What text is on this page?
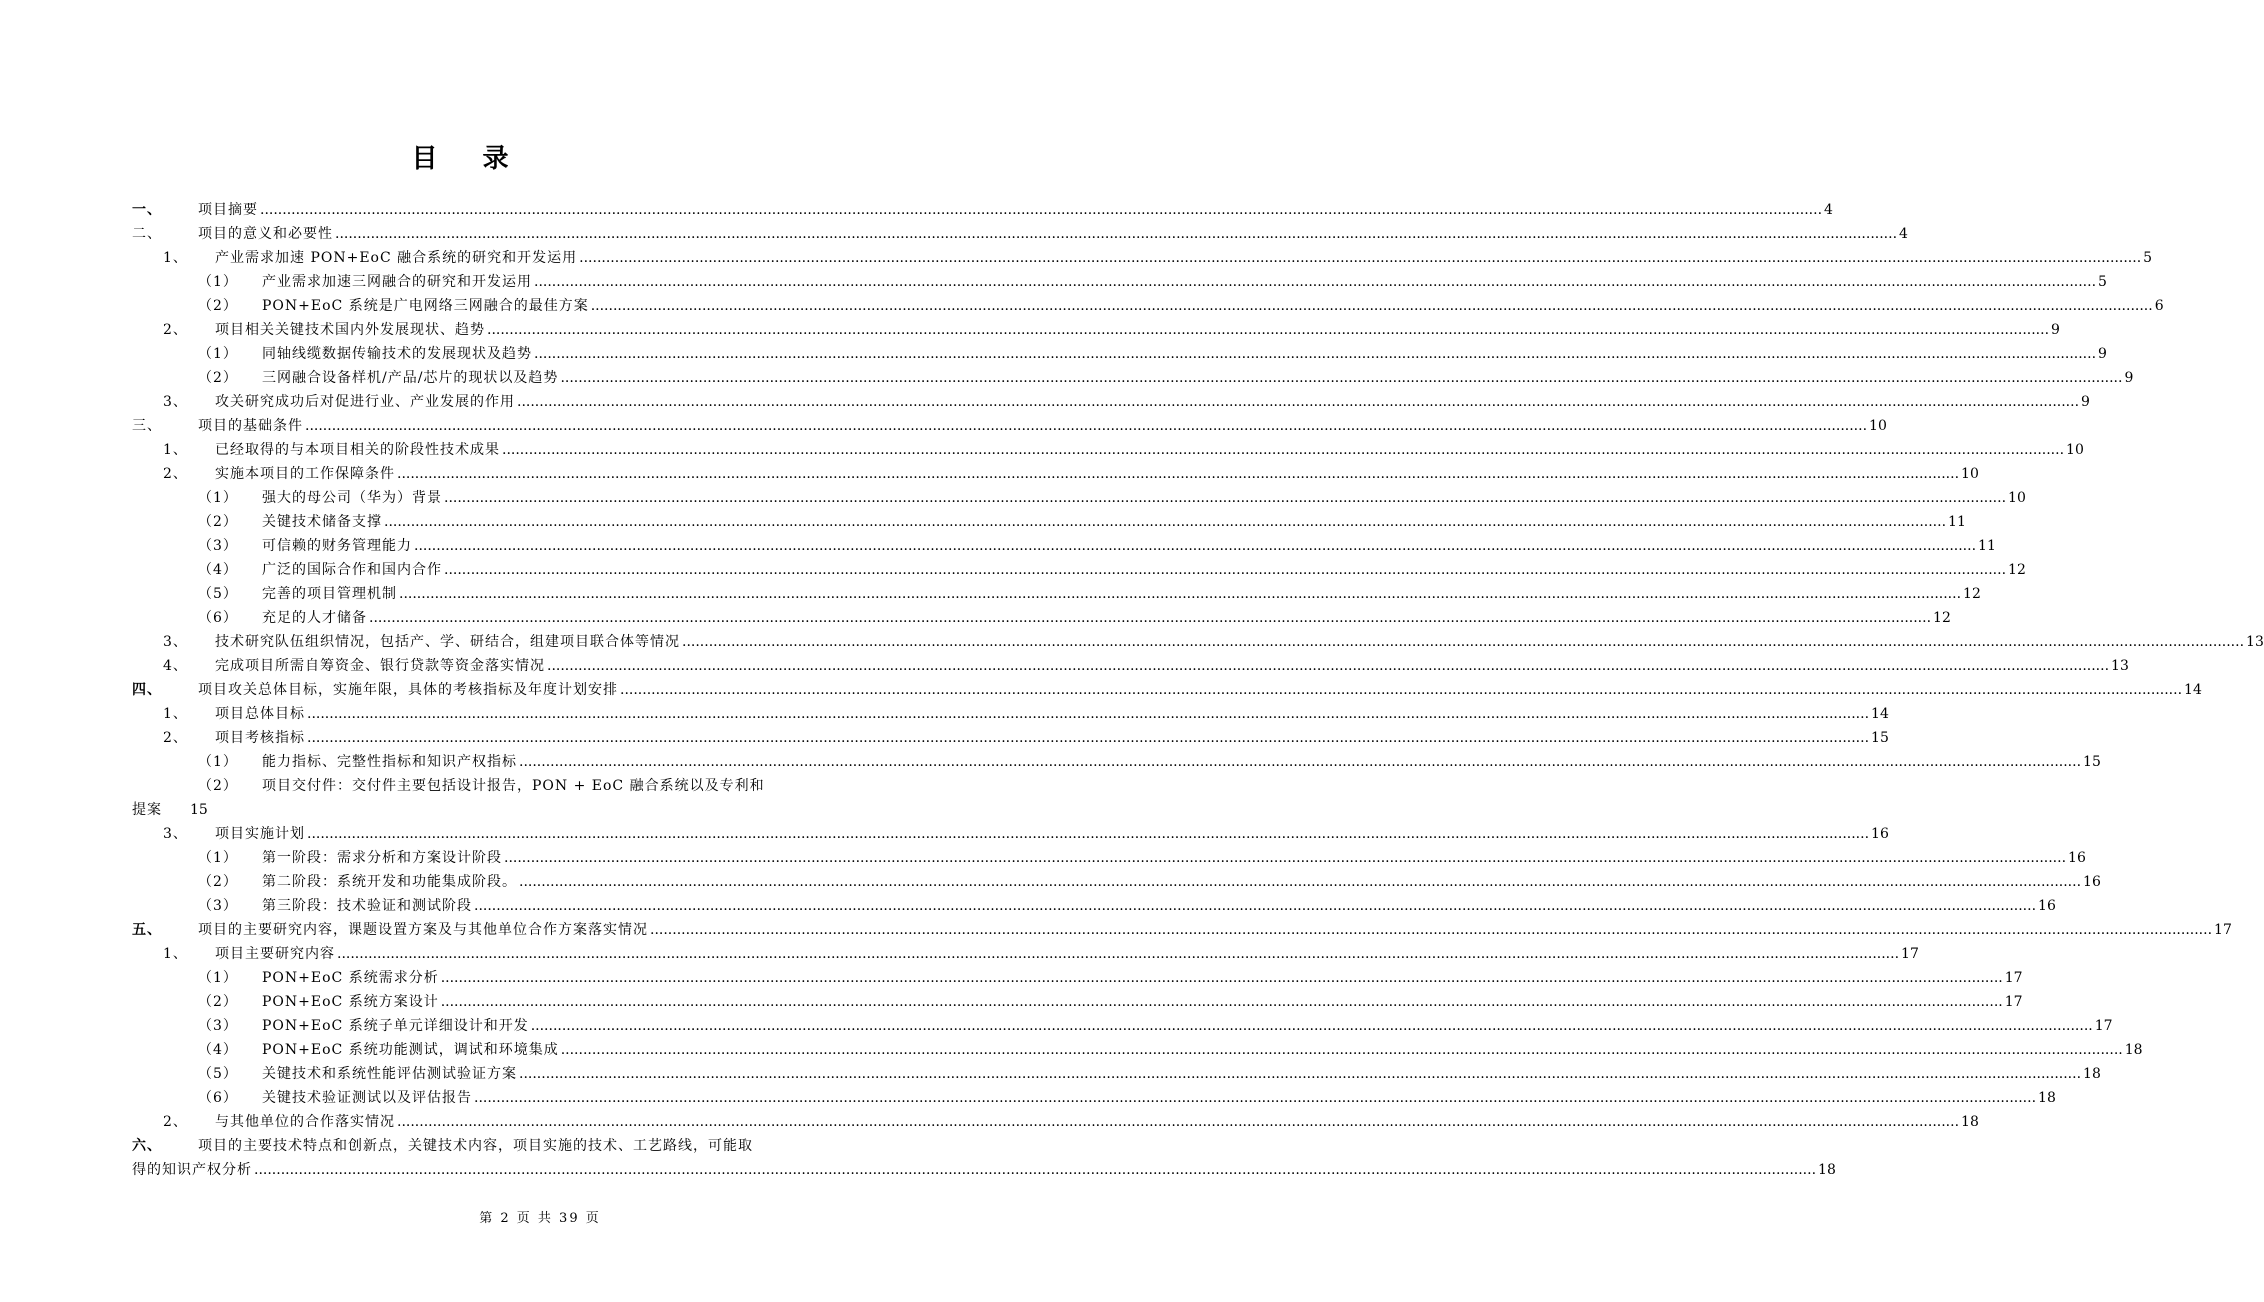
目 录
一、	项目摘要 .....	4
二、	项目的意义和必要性 .....	4
1、	产业需求加速 PON+EoC 融合系统的研究和开发运用 .....	5
（1）	产业需求加速三网融合的研究和开发运用 .....	5
（2）	PON+EoC 系统是广电网络三网融合的最佳方案 .....	6
2、	项目相关关键技术国内外发展现状、趋势 .....	9
（1）	同轴线缆数据传输技术的发展现状及趋势 .....	9
（2）	三网融合设备样机/产品/芯片的现状以及趋势 .....	9
3、	攻关研究成功后对促进行业、产业发展的作用 .....	9
三、	项目的基础条件 .....	10
1、	已经取得的与本项目相关的阶段性技术成果 .....	10
2、	实施本项目的工作保障条件 .....	10
（1）	强大的母公司（华为）背景 .....	10
（2）	关键技术储备支撑 .....	11
（3）	可信赖的财务管理能力 .....	11
（4）	广泛的国际合作和国内合作 .....	12
（5）	完善的项目管理机制 .....	12
（6）	充足的人才储备 .....	12
3、	技术研究队伍组织情况，包括产、学、研结合，组建项目联合体等情况 .....	13
4、	完成项目所需自筹资金、银行贷款等资金落实情况 .....	13
四、	项目攻关总体目标，实施年限，具体的考核指标及年度计划安排 .....	14
1、	项目总体目标 .....	14
2、	项目考核指标 .....	15
（1）	能力指标、完整性指标和知识产权指标 .....	15
（2）	项目交付件：交付件主要包括设计报告，PON + EoC 融合系统以及专利和
提案 15
3、	项目实施计划 .....	16
（1）	第一阶段：需求分析和方案设计阶段 .....	16
（2）	第二阶段：系统开发和功能集成阶段。 .....	16
（3）	第三阶段：技术验证和测试阶段 .....	16
五、	项目的主要研究内容，课题设置方案及与其他单位合作方案落实情况 .....	17
1、	项目主要研究内容 .....	17
（1）	PON+EoC 系统需求分析 .....	17
（2）	PON+EoC 系统方案设计 .....	17
（3）	PON+EoC 系统子单元详细设计和开发 .....	17
（4）	PON+EoC 系统功能测试，调试和环境集成 .....	18
（5）	关键技术和系统性能评估测试验证方案 .....	18
（6）	关键技术验证测试以及评估报告 .....	18
2、	与其他单位的合作落实情况 .....	18
六、	项目的主要技术特点和创新点，关键技术内容，项目实施的技术、工艺路线，可能取
得的知识产权分析 .....	18
第 2 页 共 39 页
